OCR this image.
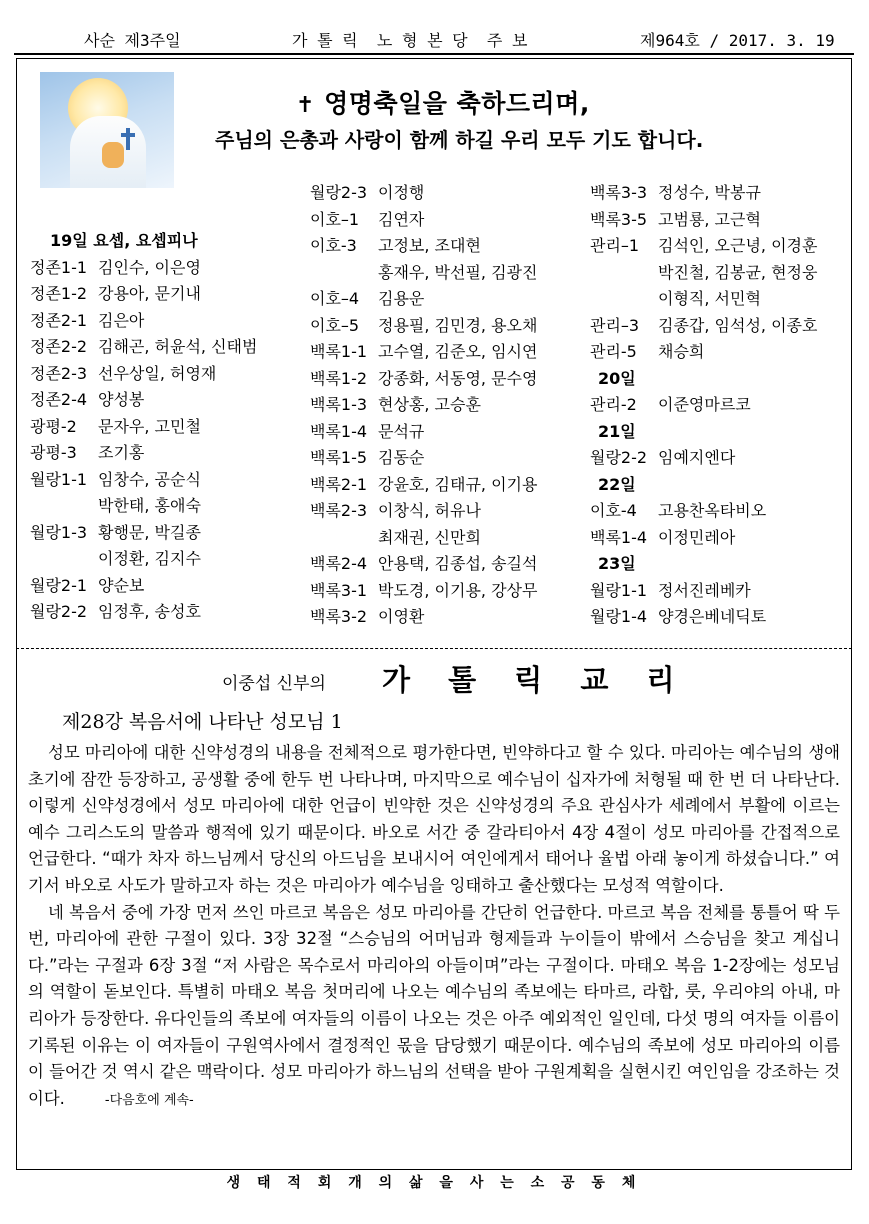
사순 제3주일	가 톨 릭  노 형 본 당  주 보	제964호 / 2017. 3. 19
✝ 영명축일을 축하드리며,
주님의 은총과 사랑이 함께 하길 우리 모두 기도 합니다.
19일 요셉, 요셉피나
정존1-1 김인수, 이은영
정존1-2 강용아, 문기내
정존2-1 김은아
정존2-2 김해곤, 허윤석, 신태범
정존2-3 선우상일, 허영재
정존2-4 양성봉
광평-2 문자우, 고민철
광평-3 조기홍
월랑1-1 임창수, 공순식
박한태, 홍애숙
월랑1-3 황행문, 박길종
이정환, 김지수
월랑2-1 양순보
월랑2-2 임정후, 송성호
월랑2-3 이정행
이호–1 김연자
이호-3 고정보, 조대현
홍재우, 박선필, 김광진
이호–4 김용운
이호–5 정용필, 김민경, 용오채
백록1-1 고수열, 김준오, 임시연
백록1-2 강종화, 서동영, 문수영
백록1-3 현상홍, 고승훈
백록1-4 문석규
백록1-5 김동순
백록2-1 강윤호, 김태규, 이기용
백록2-3 이창식, 허유나
최재권, 신만희
백록2-4 안용택, 김종섭, 송길석
백록3-1 박도경, 이기용, 강상무
백록3-2 이영환
백록3-3 정성수, 박봉규
백록3-5 고범룡, 고근혁
관리–1 김석인, 오근녕, 이경훈
박진철, 김봉균, 현정웅
이형직, 서민혁
관리–3 김종갑, 임석성, 이종호
관리-5 채승희
20일
관리-2 이준영마르코
21일
월랑2-2 임예지엔다
22일
이호-4 고용찬옥타비오
백록1-4 이정민레아
23일
월랑1-1 정서진레베카
월랑1-4 양경은베네딕토
이중섭 신부의 가 톨 릭 교 리
제28강 복음서에 나타난 성모님 1

성모 마리아에 대한 신약성경의 내용을 전체적으로 평가한다면, 빈약하다고 할 수 있다. 마리아는 예수님의 생애 초기에 잠깐 등장하고, 공생활 중에 한두 번 나타나며, 마지막으로 예수님이 십자가에 처형될 때 한 번 더 나타난다. 이렇게 신약성경에서 성모 마리아에 대한 언급이 빈약한 것은 신약성경의 주요 관심사가 세례에서 부활에 이르는 예수 그리스도의 말씀과 행적에 있기 때문이다. 바오로 서간 중 갈라티아서 4장 4절이 성모 마리아를 간접적으로 언급한다. “때가 차자 하느님께서 당신의 아드님을 보내시어 여인에게서 태어나 율법 아래 놓이게 하셨습니다.” 여기서 바오로 사도가 말하고자 하는 것은 마리아가 예수님을 잉태하고 출산했다는 모성적 역할이다.

네 복음서 중에 가장 먼저 쓰인 마르코 복음은 성모 마리아를 간단히 언급한다. 마르코 복음 전체를 통틀어 딱 두 번, 마리아에 관한 구절이 있다. 3장 32절 “스승님의 어머님과 형제들과 누이들이 밖에서 스승님을 찾고 계십니다.”라는 구절과 6장 3절 “저 사람은 목수로서 마리아의 아들이며”라는 구절이다. 마태오 복음 1-2장에는 성모님의 역할이 돋보인다. 특별히 마태오 복음 첫머리에 나오는 예수님의 족보에는 타마르, 라합, 룻, 우리야의 아내, 마리아가 등장한다. 유다인들의 족보에 여자들의 이름이 나오는 것은 아주 예외적인 일인데, 다섯 명의 여자들 이름이 기록된 이유는 이 여자들이 구원역사에서 결정적인 몫을 담당했기 때문이다. 예수님의 족보에 성모 마리아의 이름이 들어간 것 역시 같은 맥락이다. 성모 마리아가 하느님의 선택을 받아 구원계획을 실현시킨 여인임을 강조하는 것이다.	-다음호에 계속-

생 태 적 회 개 의 삶 을 사 는 소 공 동 체
